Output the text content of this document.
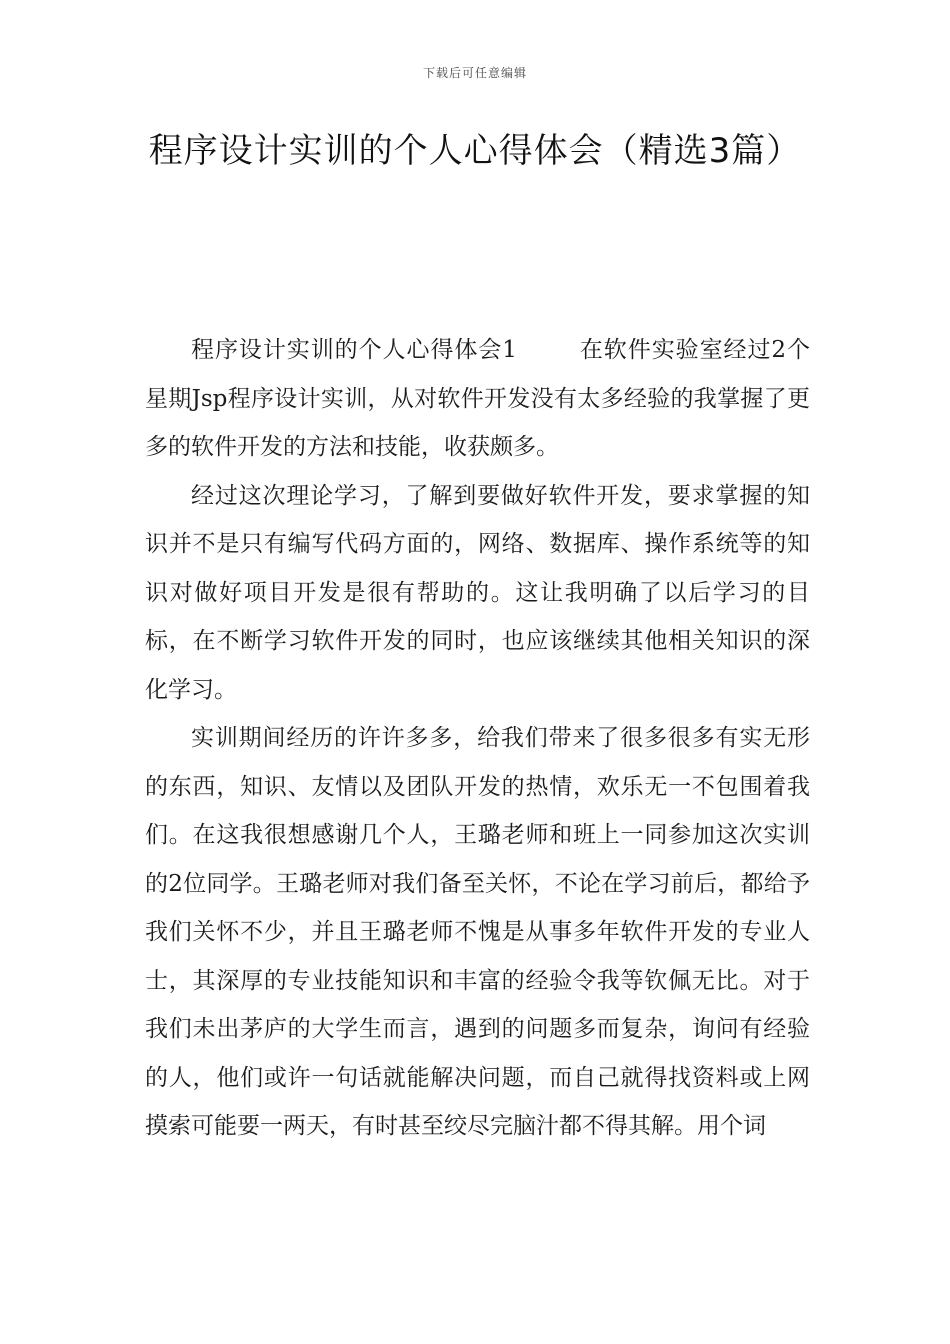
下载后可任意编辑
程序设计实训的个人心得体会（精选3篇）

程序设计实训的个人心得体会1	在软件实验室经过2个星期Jsp程序设计实训，从对软件开发没有太多经验的我掌握了更多的软件开发的方法和技能，收获颇多。

经过这次理论学习，了解到要做好软件开发，要求掌握的知识并不是只有编写代码方面的，网络、数据库、操作系统等的知识对做好项目开发是很有帮助的。这让我明确了以后学习的目标，在不断学习软件开发的同时，也应该继续其他相关知识的深化学习。

实训期间经历的许许多多，给我们带来了很多很多有实无形的东西，知识、友情以及团队开发的热情，欢乐无一不包围着我们。在这我很想感谢几个人，王璐老师和班上一同参加这次实训的2位同学。王璐老师对我们备至关怀，不论在学习前后，都给予我们关怀不少，并且王璐老师不愧是从事多年软件开发的专业人士，其深厚的专业技能知识和丰富的经验令我等钦佩无比。对于我们未出茅庐的大学生而言，遇到的问题多而复杂，询问有经验的人，他们或许一句话就能解决问题，而自己就得找资料或上网摸索可能要一两天，有时甚至绞尽完脑汁都不得其解。用个词
